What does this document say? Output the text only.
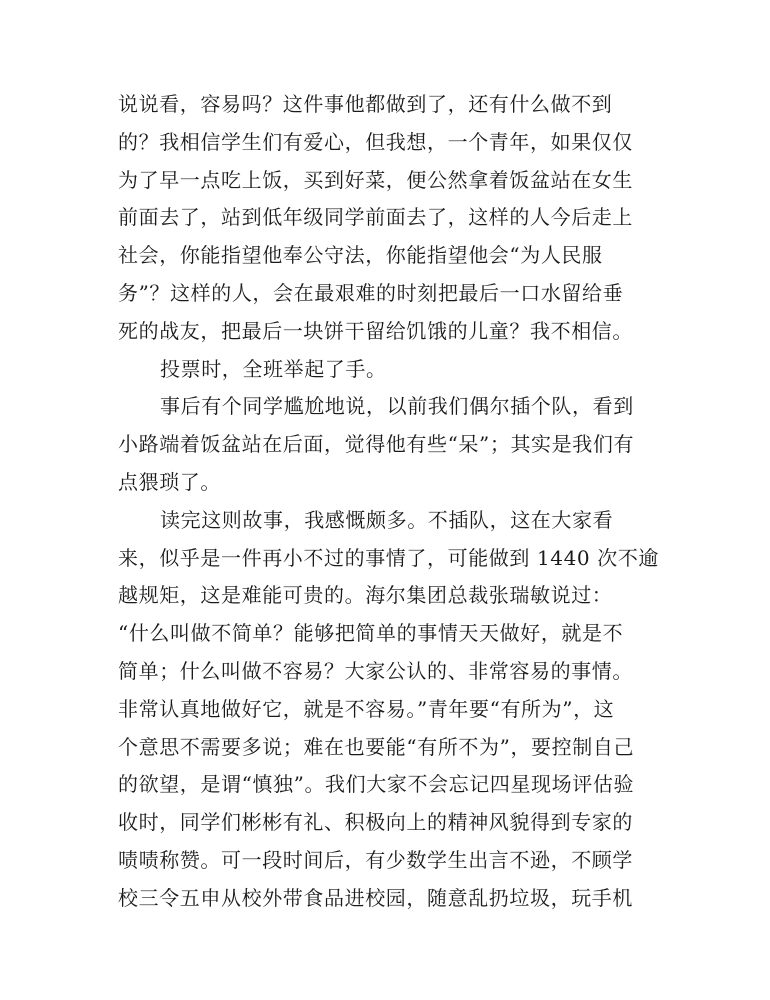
说说看，容易吗？这件事他都做到了，还有什么做不到
的？我相信学生们有爱心，但我想，一个青年，如果仅仅
为了早一点吃上饭，买到好菜，便公然拿着饭盆站在女生
前面去了，站到低年级同学前面去了，这样的人今后走上
社会，你能指望他奉公守法，你能指望他会“为人民服
务”？这样的人，会在最艰难的时刻把最后一口水留给垂
死的战友，把最后一块饼干留给饥饿的儿童？我不相信。
投票时，全班举起了手。
事后有个同学尴尬地说，以前我们偶尔插个队，看到
小路端着饭盆站在后面，觉得他有些“呆”；其实是我们有
点猥琐了。
读完这则故事，我感慨颇多。不插队，这在大家看
来，似乎是一件再小不过的事情了，可能做到 1440 次不逾
越规矩，这是难能可贵的。海尔集团总裁张瑞敏说过：
“什么叫做不简单？能够把简单的事情天天做好，就是不
简单；什么叫做不容易？大家公认的、非常容易的事情。
非常认真地做好它，就是不容易。”青年要“有所为”，这
个意思不需要多说；难在也要能“有所不为”，要控制自己
的欲望，是谓“慎独”。我们大家不会忘记四星现场评估验
收时，同学们彬彬有礼、积极向上的精神风貌得到专家的
啧啧称赞。可一段时间后，有少数学生出言不逊，不顾学
校三令五申从校外带食品进校园，随意乱扔垃圾，玩手机
